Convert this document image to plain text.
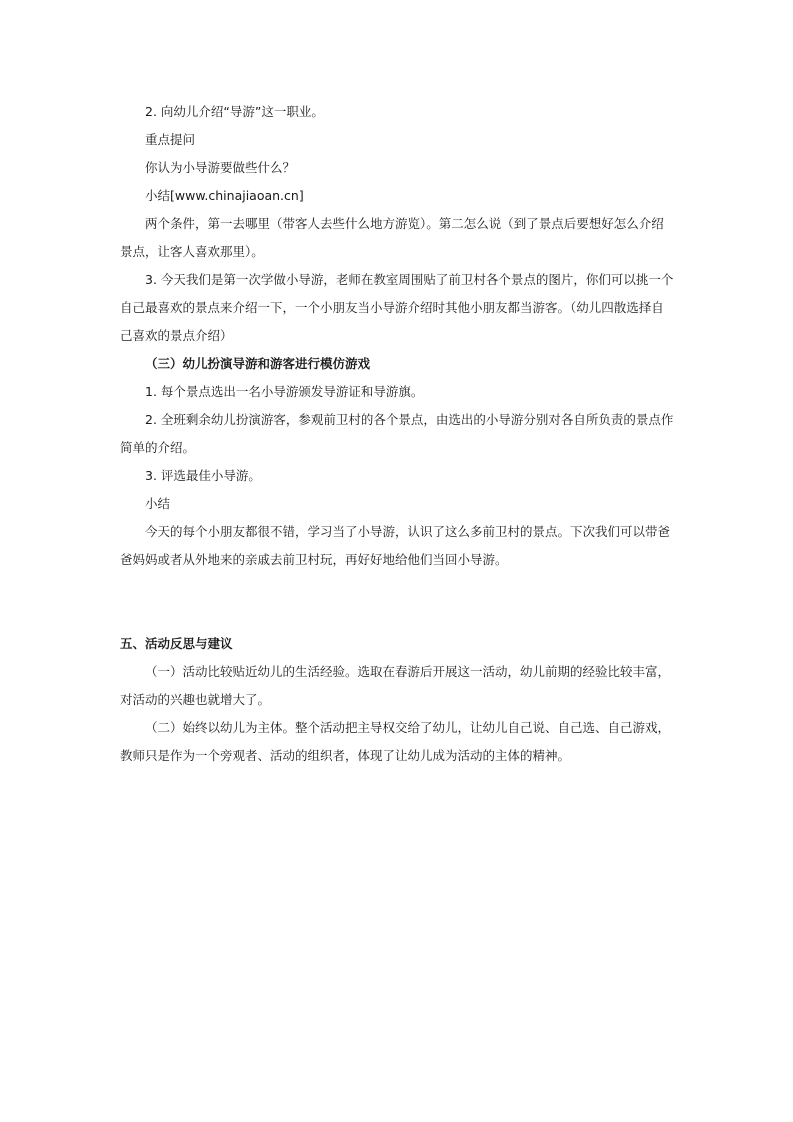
2. 向幼儿介绍“导游”这一职业。

重点提问

你认为小导游要做些什么？

小结[www.chinajiaoan.cn]

两个条件，第一去哪里（带客人去些什么地方游览）。第二怎么说（到了景点后要想好怎么介绍景点，让客人喜欢那里）。

3. 今天我们是第一次学做小导游，老师在教室周围贴了前卫村各个景点的图片，你们可以挑一个自己最喜欢的景点来介绍一下，一个小朋友当小导游介绍时其他小朋友都当游客。（幼儿四散选择自己喜欢的景点介绍）

（三）幼儿扮演导游和游客进行模仿游戏

1. 每个景点选出一名小导游颁发导游证和导游旗。

2. 全班剩余幼儿扮演游客，参观前卫村的各个景点，由选出的小导游分别对各自所负责的景点作简单的介绍。

3. 评选最佳小导游。

小结

今天的每个小朋友都很不错，学习当了小导游，认识了这么多前卫村的景点。下次我们可以带爸爸妈妈或者从外地来的亲戚去前卫村玩，再好好地给他们当回小导游。

五、活动反思与建议

（一）活动比较贴近幼儿的生活经验。选取在春游后开展这一活动，幼儿前期的经验比较丰富，对活动的兴趣也就增大了。

（二）始终以幼儿为主体。整个活动把主导权交给了幼儿，让幼儿自己说、自己选、自己游戏，教师只是作为一个旁观者、活动的组织者，体现了让幼儿成为活动的主体的精神。
